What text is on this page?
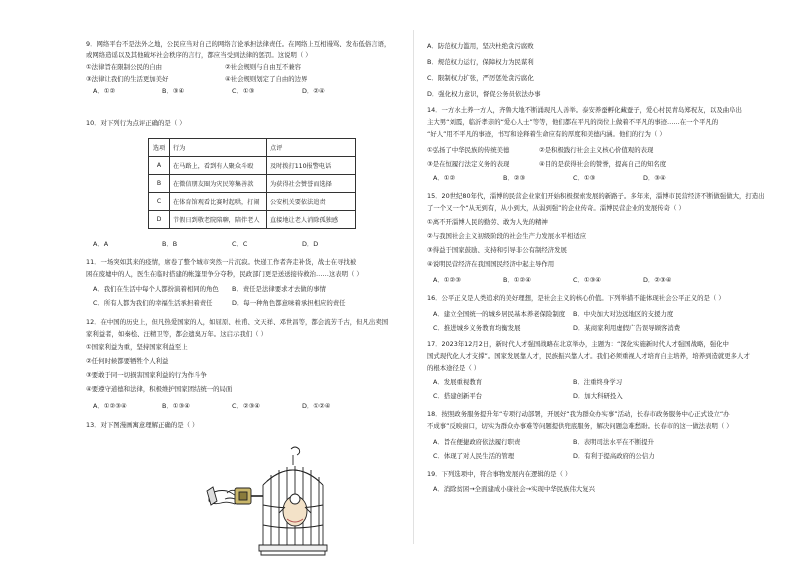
9．网络平台不是法外之地，公民应当对自己的网络言论承担法律责任。在网络上互相谩骂、发布低俗言语，
或网络造谣以及其他破坏社会秩序的言行，都应当受到法律的惩罚。这说明（ ）
①法律旨在限制公民的自由	②社会规则与自由互不兼容
③法律让我们的生活更加美好	④社会规则划定了自由的边界
A．①②	B．③④	C．①③	D．②④
10．对下列行为点评正确的是（ ）
选项	行为	点评
A	在马路上，看到有人聚众斗殴	及时拨打110报警电话
B	在微信朋友圈为灾民筹集善款	为获得社会赞誉而选择
C	在体育馆观看比赛时起哄，打闹	公安机关要依法追责
D	节假日到敬老院陪聊，陪伴老人	直接地让老人消除孤独感
A．A	B．B	C．C	D．D
11．一场突如其来的疫情，席卷了整个城市突然一片沉寂。快递工作者奔走补货，战士在寻找被
困在废墟中的人，医生在临时搭建的帐篷里争分夺秒，民政部门更是送送接待救治……这表明（ ）
A．我们在生活中每个人都扮演着相同的角色 B．责任是法律要求才去做的事情
C．所有人都为我们的幸福生活承担着责任	D．每一种角色都意味着承担相应的责任
12．在中国的历史上，但凡热爱国家的人，如屈原、杜甫、文天祥、邓世昌等，都会流芳千古，但凡出卖国
家利益者，如秦桧、汪精卫等，都会遗臭万年。这启示我们（ ）
①国家利益为重，坚持国家利益至上
②任何时候都要牺牲个人利益
③要敢于同一切损害国家利益的行为作斗争
④要遵守道德和法律，积极维护国家团结统一的局面
A．①②③④	B．①③④	C．②③④	D．①②④
13．对下图漫画寓意理解正确的是（ ）
A．防范权力滥用，坚决杜绝贪污腐败
B．规范权力运行，保障权力为民谋利
C．限制权力扩张，严厉惩处贪污腐化
D．强化权力意识，督促公务员依法办事
14．一方水土养一方人，齐鲁大地不断涌现凡人善举。泰安养蚕孵化藏蚕子，爱心村民青岛郑祝友，以及曲阜出
主大男“刘霞，临沂孝亲的“爱心人士”等等，他们都在平凡的岗位上做着不平凡的事迹……在一个平凡的
“好人”用不平凡的事迹，书写和诠释着生命应有的厚度和美德内涵。他们的行为（ ）
①弘扬了中华民族的传统美德	②是积极践行社会主义核心价值观的表现
③是在恒履行法定义务的表现	④目的是获得社会的赞誉，提高自己的知名度
A．①②	B．②③	C．①③	D．③④
15．20世纪80年代，淄博的民营企业家们开始积极探索发展的新路子。多年来，淄博市民营经济不断做强做大，打造出
了一个又一个“从无到有，从小到大，从弱到强”的企业传奇。淄博民营企业的发展传奇（ ）
①离不开淄博人民的勤劳、敢为人先的精神
②与我国社会主义初级阶段的社会生产力发展水平相适应
③得益于国家鼓励、支持和引导非公有制经济发展
④说明民营经济在我国国民经济中起主导作用
A．①②③	B．①②④	C．①③④	D．②③④
16．公平正义是人类追求的美好理想，是社会主义的核心价值。下列举措不能体现社会公平正义的是（ ）
A．建立全国统一的城乡居民基本养老保险制度 B．中央加大对边远地区的支援力度
C．推进城乡义务教育均衡发展	D．某商家利用虚假广告误导顾客消费
17．2023年12月2日，新时代人才强国战略在北京举办，主题为：“深化实施新时代人才强国战略，强化中
国式现代化人才支撑”。国家发展靠人才，民族振兴靠人才。我们必须重视人才培育自主培养，培养到造就更多人才
的根本途径是（ ）
A．发展重视教育	B．注重终身学习
C．搭建创新平台	D．加大科研投入
18．按照政务服务提升年“专项行动部署，开展好“我为群众办实事”活动，长春市政务服务中心正式设立“办
不成事”反映窗口，切实为群众办事难等问题提供兜底服务，解决问题急难愁盼。长春市的这一做法表明（ ）
A．旨在便捷政府依法履行职责	B．表明司法水平在不断提升
C．体现了对人民生活的管理	D．有利于提高政府的公信力
19．下列选项中，符合事物发展内在逻辑的是（ ）
A．消除贫困→全面建成小康社会→实现中华民族伟大复兴
